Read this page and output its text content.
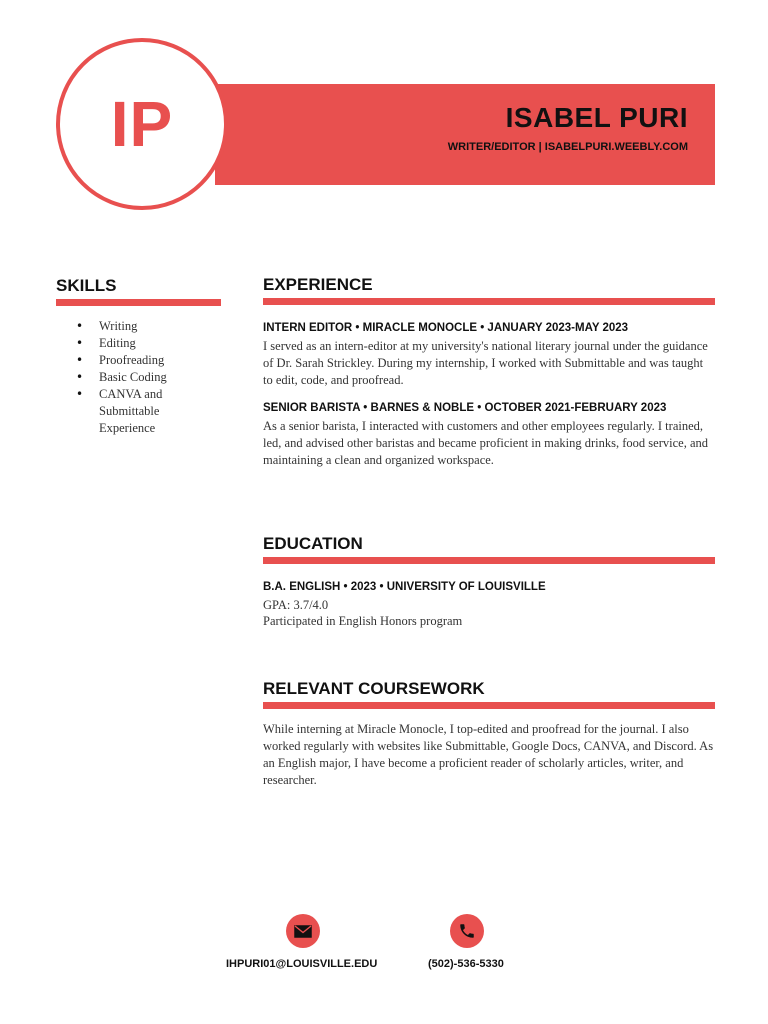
IP	ISABEL PURI
WRITER/EDITOR | ISABELPURI.WEEBLY.COM
SKILLS
• Writing
• Editing
• Proofreading
• Basic Coding
• CANVA and Submittable Experience
EXPERIENCE
INTERN EDITOR • MIRACLE MONOCLE • JANUARY 2023-MAY 2023

I served as an intern-editor at my university's national literary journal under the guidance of Dr. Sarah Strickley. During my internship, I worked with Submittable and was taught to edit, code, and proofread.

SENIOR BARISTA • BARNES & NOBLE • OCTOBER 2021-FEBRUARY 2023

As a senior barista, I interacted with customers and other employees regularly. I trained, led, and advised other baristas and became proficient in making drinks, food service, and maintaining a clean and organized workspace.

EDUCATION
B.A. ENGLISH • 2023 • UNIVERSITY OF LOUISVILLE

GPA: 3.7/4.0

Participated in English Honors program

RELEVANT COURSEWORK

While interning at Miracle Monocle, I top-edited and proofread for the journal. I also worked regularly with websites like Submittable, Google Docs, CANVA, and Discord. As an English major, I have become a proficient reader of scholarly articles, writer, and researcher.

IHPURI01@LOUISVILLE.EDU	(502)-536-5330
